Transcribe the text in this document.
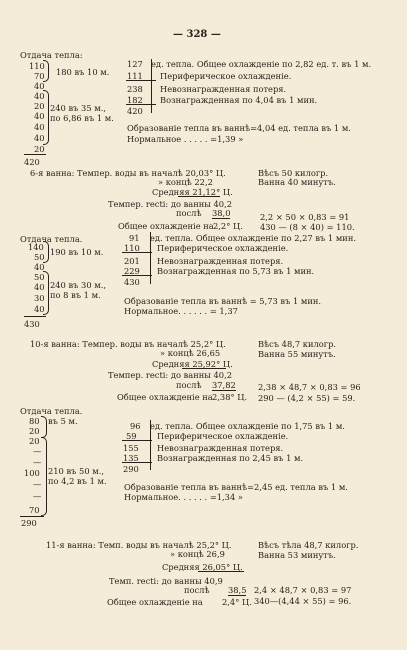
— 328 —
Отдача тепла:
110
70
40
40
20
40
40
40
20
180 въ 10 м.
240 въ 35 м.,
по 6,86 въ 1 м.
420
127 ед. тепла. Общее охлажденіе по 2,82 ед. т. въ 1 м.
111 Периферическое охлажденіе.
238 Невознагражденная потеря.
182 Вознагражденная по 4,04 въ 1 мин.
420
Образованіе тепла въ ваннѣ=4,04 ед. тепла въ 1 м.
Нормальное . . . . . =1,39 »
6-я ванна: Темпер. воды въ началѣ 20,03° Ц.	Вѣсъ 50 килогр.
» концѣ 22,2	Ванна 40 минутъ.
Средняя 21,12° Ц.
Темпер. recti: до ванны 40,2
послѣ 38,0	2,2 × 50 × 0,83 = 91
Общее охлажденіе на 2,2° Ц. 430 — (8 × 40) = 110.
Отдача тепла.
140
50
40
50
40
30
40
190 въ 10 м.
240 въ 30 м.,
по 8 въ 1 м.
430
91 ед. тепла. Общее охлажденіе по 2,27 въ 1 мин.
110 Периферическое охлажденіе.
201 Невознагражденная потеря.
229 Вознагражденная по 5,73 въ 1 мин.
430
Образованіе тепла въ ваннѣ = 5,73 въ 1 мин.
Нормальное. . . . . . = 1,37
10-я ванна: Темпер. воды въ началѣ 25,2° Ц.	Вѣсъ 48,7 килогр.
» концѣ 26,65	Ванна 55 минутъ.
Средняя 25,92° Ц.
Темпер. recti: до ванны 40,2
послѣ 37,82	2,38 × 48,7 × 0,83 = 96
Общее охлажденіе на 2,38° Ц. 290 — (4,2 × 55) = 59.
Отдача тепла.
80
20
20
—
—
100
—
—
70
въ 5 м.
210 въ 50 м.,
по 4,2 въ 1 м.
290
96 ед. тепла. Общее охлажденіе по 1,75 въ 1 м.
59 Периферическое охлажденіе.
155 Невознагражденная потеря.
135 Вознагражденная по 2,45 въ 1 м.
290
Образованіе тепла въ ваннѣ=2,45 ед. тепла въ 1 м.
Нормальное. . . . . . =1,34 »
11-я ванна: Темп. воды въ началѣ 25,2° Ц.	Вѣсъ тѣла 48,7 килогр.
» концѣ 26,9	Ванна 53 минутъ.
Средняя 26,05° Ц.
Темп. recti: до ванны 40,9
послѣ 38,5 2,4 × 48,7 × 0,83 = 97
Общее охлажденіе на 2,4° Ц. 340—(4,44 × 55) = 96.
